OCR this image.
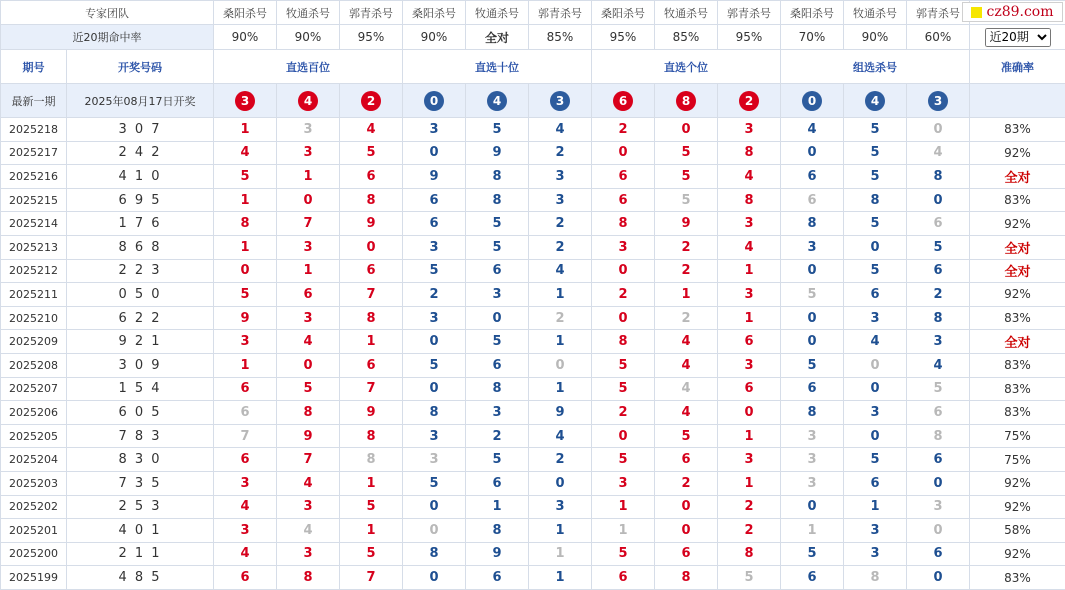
cz89.com
专家团队		桑阳杀号	牧通杀号	郭青杀号	桑阳杀号	牧通杀号	郭青杀号	桑阳杀号	牧通杀号	郭青杀号	桑阳杀号	牧通杀号	郭青杀号	
近20期命中率		90%	90%	95%	90%	全对	85%	95%	85%	95%	70%	90%	60%	
近20期
期号	开奖号码	直选百位			直选十位			直选个位			组选杀号			准确率
最新一期	2025年08月17日开奖	3	4	2	0	4	3	6	8	2	0	4	3	
2025218	3 0 7	1	3	4	3	5	4	2	0	3	4	5	0	83%
2025217	2 4 2	4	3	5	0	9	2	0	5	8	0	5	4	92%
2025216	4 1 0	5	1	6	9	8	3	6	5	4	6	5	8	全对
2025215	6 9 5	1	0	8	6	8	3	6	5	8	6	8	0	83%
2025214	1 7 6	8	7	9	6	5	2	8	9	3	8	5	6	92%
2025213	8 6 8	1	3	0	3	5	2	3	2	4	3	0	5	全对
2025212	2 2 3	0	1	6	5	6	4	0	2	1	0	5	6	全对
2025211	0 5 0	5	6	7	2	3	1	2	1	3	5	6	2	92%
2025210	6 2 2	9	3	8	3	0	2	0	2	1	0	3	8	83%
2025209	9 2 1	3	4	1	0	5	1	8	4	6	0	4	3	全对
2025208	3 0 9	1	0	6	5	6	0	5	4	3	5	0	4	83%
2025207	1 5 4	6	5	7	0	8	1	5	4	6	6	0	5	83%
2025206	6 0 5	6	8	9	8	3	9	2	4	0	8	3	6	83%
2025205	7 8 3	7	9	8	3	2	4	0	5	1	3	0	8	75%
2025204	8 3 0	6	7	8	3	5	2	5	6	3	3	5	6	75%
2025203	7 3 5	3	4	1	5	6	0	3	2	1	3	6	0	92%
2025202	2 5 3	4	3	5	0	1	3	1	0	2	0	1	3	92%
2025201	4 0 1	3	4	1	0	8	1	1	0	2	1	3	0	58%
2025200	2 1 1	4	3	5	8	9	1	5	6	8	5	3	6	92%
2025199	4 8 5	6	8	7	0	6	1	6	8	5	6	8	0	83%
